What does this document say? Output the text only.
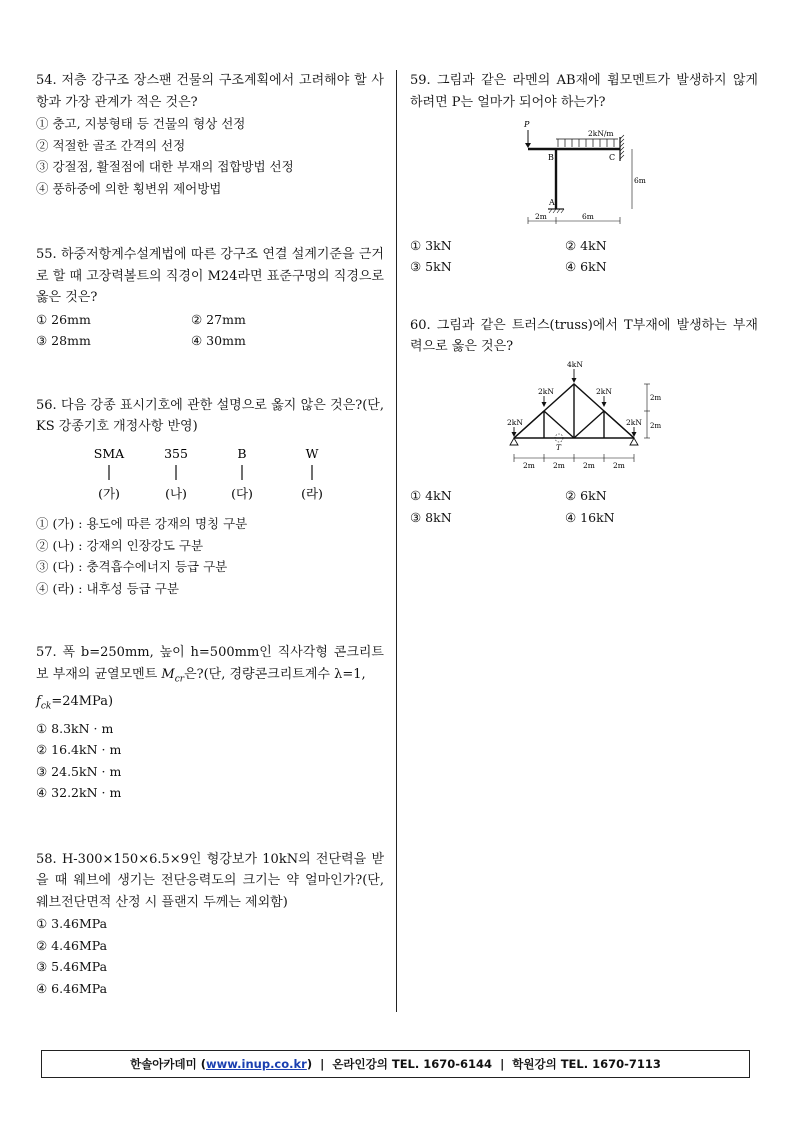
54. 저층 강구조 장스팬 건물의 구조계획에서 고려해야 할 사항과 가장 관계가 적은 것은?
① 충고, 지붕형태 등 건물의 형상 선정
② 적절한 골조 간격의 선정
③ 강절점, 활절점에 대한 부재의 접합방법 선정
④ 풍하중에 의한 횡변위 제어방법
55. 하중저항계수설계법에 따른 강구조 연결 설계기준을 근거로 할 때 고장력볼트의 직경이 M24라면 표준구멍의 직경으로 옳은 것은?
① 26mm	② 27mm
③ 28mm	④ 30mm
56. 다음 강종 표시기호에 관한 설명으로 옳지 않은 것은?(단, KS 강종기호 개정사항 반영)
SMA	355	B	W
(가)	(나)	(다)	(라)
① (가) : 용도에 따른 강재의 명칭 구분
② (나) : 강재의 인장강도 구분
③ (다) : 충격흡수에너지 등급 구분
④ (라) : 내후성 등급 구분
57. 폭 b=250mm, 높이 h=500mm인 직사각형 콘크리트 보 부재의 균열모멘트 $M_{cr}$은?(단, 경량콘크리트계수 λ=1,
$f_{ck}=24MPa$)
① 8.3kN · m
② 16.4kN · m
③ 24.5kN · m
④ 32.2kN · m
58. H-300×150×6.5×9인 형강보가 10kN의 전단력을 받을 때 웨브에 생기는 전단응력도의 크기는 약 얼마인가?(단, 웨브전단면적 산정 시 플랜지 두께는 제외함)
① 3.46MPa
② 4.46MPa
③ 5.46MPa
④ 6.46MPa
59. 그림과 같은 라멘의 AB재에 휨모멘트가 발생하지 않게 하려면 P는 얼마가 되어야 하는가?
P
2kN/m
B	C
A
6m
2m	6m
① 3kN	② 4kN
③ 5kN	④ 6kN
60. 그림과 같은 트러스(truss)에서 T부재에 발생하는 부재력으로 옳은 것은?
4kN
2kN	2kN
2kN	2kN
T
2m
2m
2m 2m 2m 2m
① 4kN	② 6kN
③ 8kN	④ 16kN
한솔아카데미 ( www.inup.co.kr ) | 온라인강의 TEL. 1670-6144 | 학원강의 TEL. 1670-7113
